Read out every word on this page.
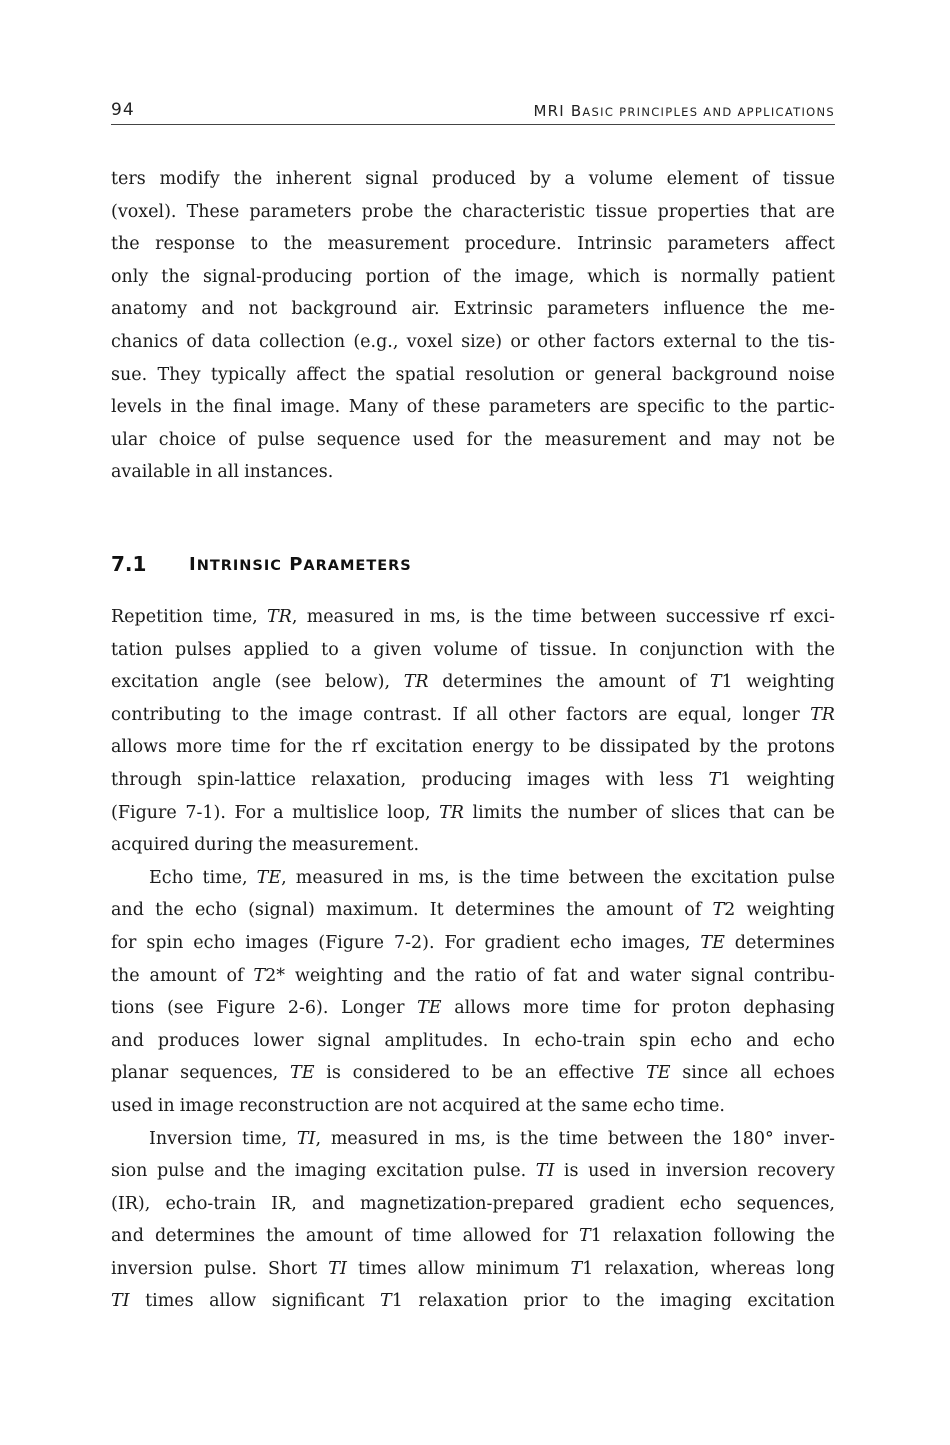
94	MRI BASIC PRINCIPLES AND APPLICATIONS
ters modify the inherent signal produced by a volume element of tissue
(voxel). These parameters probe the characteristic tissue properties that are
the response to the measurement procedure. Intrinsic parameters affect
only the signal-producing portion of the image, which is normally patient
anatomy and not background air. Extrinsic parameters influence the me-
chanics of data collection (e.g., voxel size) or other factors external to the tis-
sue. They typically affect the spatial resolution or general background noise
levels in the final image. Many of these parameters are specific to the partic-
ular choice of pulse sequence used for the measurement and may not be
available in all instances.
7.1 INTRINSIC PARAMETERS
Repetition time, TR, measured in ms, is the time between successive rf exci-
tation pulses applied to a given volume of tissue. In conjunction with the
excitation angle (see below), TR determines the amount of T1 weighting
contributing to the image contrast. If all other factors are equal, longer TR
allows more time for the rf excitation energy to be dissipated by the protons
through spin-lattice relaxation, producing images with less T1 weighting
(Figure 7-1). For a multislice loop, TR limits the number of slices that can be
acquired during the measurement.
Echo time, TE, measured in ms, is the time between the excitation pulse
and the echo (signal) maximum. It determines the amount of T2 weighting
for spin echo images (Figure 7-2). For gradient echo images, TE determines
the amount of T2* weighting and the ratio of fat and water signal contribu-
tions (see Figure 2-6). Longer TE allows more time for proton dephasing
and produces lower signal amplitudes. In echo-train spin echo and echo
planar sequences, TE is considered to be an effective TE since all echoes
used in image reconstruction are not acquired at the same echo time.
Inversion time, TI, measured in ms, is the time between the 180° inver-
sion pulse and the imaging excitation pulse. TI is used in inversion recovery
(IR), echo-train IR, and magnetization-prepared gradient echo sequences,
and determines the amount of time allowed for T1 relaxation following the
inversion pulse. Short TI times allow minimum T1 relaxation, whereas long
TI times allow significant T1 relaxation prior to the imaging excitation
